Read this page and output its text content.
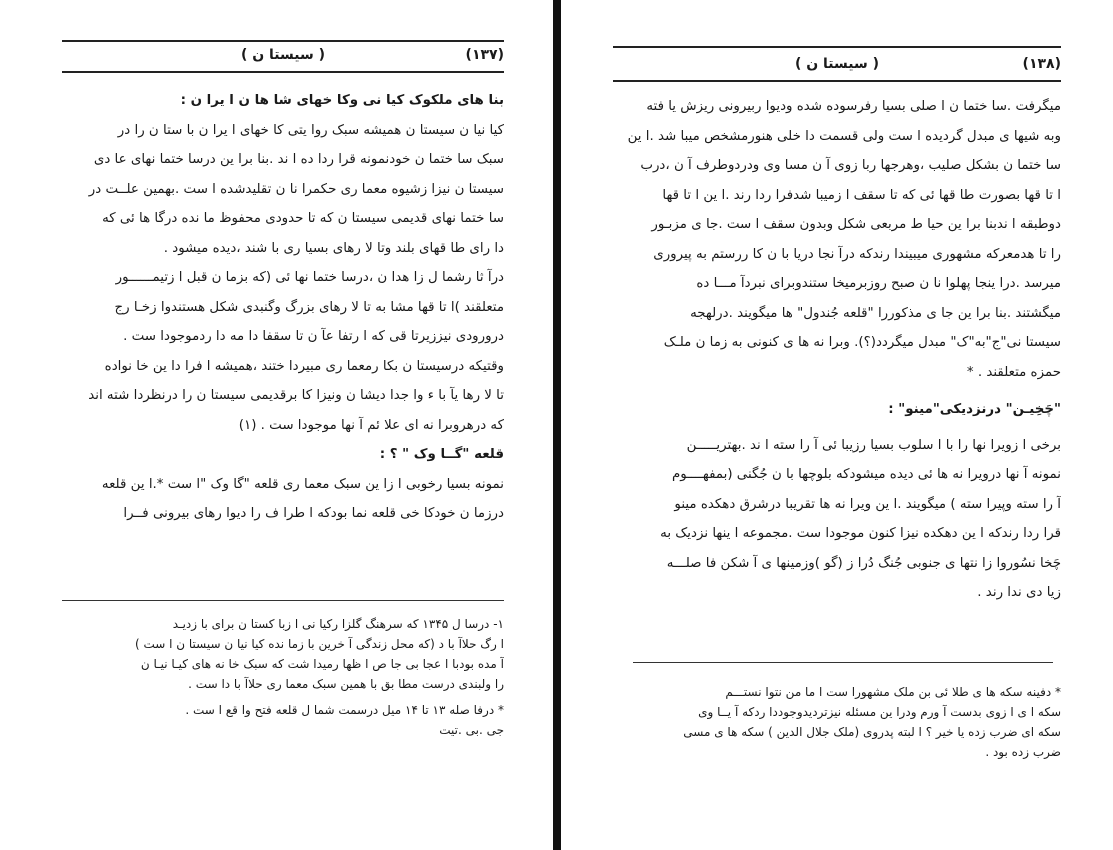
(۱۳۷)
( سیستا ن )
بنا های ملکوک کیا نی وکا خهای شا ها ن ا یرا ن :
کیا نیا ن سیستا ن همیشه سبک روا یتی کا خهای ا یرا ن با ستا ن را در
سبک سا ختما ن خودنمونه قرا ردا ده ا ند .بنا برا ین درسا ختما نهای عا دی
سیستا ن نیزا زشیوه معما ری حکمرا نا ن تقلیدشده ا ست .بهمین علــت در
سا ختما نهای قدیمی سیستا ن که تا حدودی محفوظ ما نده درگا ها ئی که
دا رای طا قهای بلند وتا لا رهای بسیا ری با شند ،دیده میشود .
درآ ثا رشما ل زا هدا ن ،درسا ختما نها ئی (که بزما ن قبل ا زتیمــــــور
متعلقند )ا تا قها مشا به تا لا رهای بزرگ وگنبدی شکل هستندوا زخـا رج
درورودی نیززیرتا قی که ا رتفا عآ ن تا سقفا دا مه دا ردموجودا ست .
وقتیکه درسیستا ن بکا رمعما ری مبیردا ختند ،همیشه ا فرا دا ین خا نواده
تا لا رها یآ با ء وا جدا دیشا ن ونیزا کا برقدیمی سیستا ن را درنظردا شته اند
که درهروبرا نه ای علا ئم آ نها موجودا ست . (۱)
قلعه "گــا وک " ؟ :
نمونه بسیا رخوبی ا زا ین سبک معما ری قلعه "گا وک "ا ست *.ا ین قلعه
درزما ن خودکا خی قلعه نما بودکه ا طرا ف را دیوا رهای بیرونی فــرا
۱- درسا ل ۱۳۴۵ که سرهنگ گلزا رکیا نی ا زبا کستا ن برای با زدیـد
ا رگ حلاآ با د (که محل زندگی آ خرین با زما نده کیا نیا ن سیستا ن ا ست )
آ مده بودبا ا عجا بی جا ص ا ظها رمیدا شت که سبک خا نه های کیـا نیـا ن
را ولبندی درست مطا بق با همین سبک معما ری حلاآ با دا ست .
* درفا صله ۱۳ تا ۱۴ میل درسمت شما ل قلعه فتح وا قع ا ست .
جی .بی .تیت
(۱۳۸)
( سیستا ن )
میگرفت .سا ختما ن ا صلی بسیا رفرسوده شده ودیوا ربیرونی ریزش یا فته
وبه شیها ی مبدل گردیده ا ست ولی قسمت دا خلی هنورمشخص میبا شد .ا ین
سا ختما ن بشکل صلیب ،وهرجها ربا زوی آ ن مسا وی ودردوطرف آ ن ،درب
ا تا قها بصورت طا قها ئی که تا سقف ا زمیبا شدفرا ردا رند .ا ین ا تا قها
دوطبقه ا ندبنا برا ین حیا ط مربعی شکل وبدون سقف ا ست .جا ی مزبـور
را تا هدمعرکه مشهوری میبیندا رندکه درآ نجا دریا با ن کا ررستم به پیروری
میرسد .درا ینجا پهلوا نا ن صبح روزبرمیخا ستندوبرای نبردآ مـــا ده
میگشتند .بنا برا ین جا ی مذکوررا "قلعه جُندول" ها میگویند .درلهجه
سیستا نی"ج"به"ک" مبدل میگردد(؟). وبرا نه ها ی کنونی به زما ن ملـک
حمزه متعلقند . *
"چَخِیـن" درنزدیکی"مینو" :
برخی ا زویرا نها را با ا سلوب بسیا رزیبا ئی آ را سته ا ند .بهتریـــــن
نمونه آ نها درویرا نه ها ئی دیده میشودکه بلوچها با ن جُگنی (بمفهــــوم
آ را سته وپیرا سته ) میگویند .ا ین ویرا نه ها تقریبا درشرق دهکده مینو
قرا ردا رندکه ا ین دهکده نیزا کنون موجودا ست .مجموعه ا ینها نزدیک به
چَخا نسُوروا زا نتها ی جنوبی جُنگ دُرا ز (گو )وزمینها ی آ شکن فا صلـــه
زیا دی ندا رند .
* دفینه سکه ها ی طلا ئی بن ملک مشهورا ست ا ما من نتوا نستـــم
سکه ا ی ا زوی بدست آ ورم ودرا ین مسئله نیزتردیدوجوددا ردکه آ یــا وی
سکه ای ضرب زده یا خیر ؟ ا لبته پدروی (ملک جلال الدین ) سکه ها ی مسی
ضرب زده بود .
